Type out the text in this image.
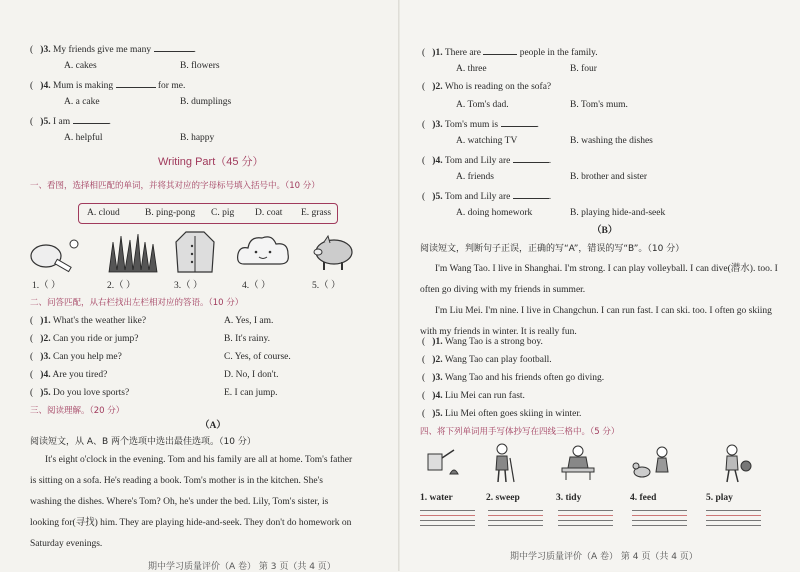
(   )3. My friends give me many	.
A. cakes	B. flowers
(   )4. Mum is making	for me.
A. a cake	B. dumplings
(   )5. I am	.
A. helpful	B. happy
Writing Part（45 分）
一、看图，选择相匹配的单词，并将其对应的字母标号填入括号中。（10 分）
A. cloud	B. ping-pong C. pig D. coat E. grass
1.（ ）	2.（ ）	3.（ ）	4.（ ）	5.（ ）
二、问答匹配，从右栏找出左栏相对应的答语。（10 分）
(   )1. What's the weather like?	A. Yes, I am.
(   )2. Can you ride or jump?	B. It's rainy.
(   )3. Can you help me?	C. Yes, of course.
(   )4. Are you tired?	D. No, I don't.
(   )5. Do you love sports?	E. I can jump.
三、阅读理解。（20 分）
（A）
阅读短文，从 A、B 两个选项中选出最佳选项。（10 分）
It's eight o'clock in the evening. Tom and his family are all at home. Tom's father
is sitting on a sofa. He's reading a book. Tom's mother is in the kitchen. She's
washing the dishes. Where's Tom? Oh, he's under the bed. Lily, Tom's sister, is
looking for(寻找) him. They are playing hide-and-seek. They don't do homework on
Saturday evenings.
期中学习质量评价（A 卷） 第 3 页（共 4 页）
(   )1. There are	people in the family.
A. three	B. four
(   )2. Who is reading on the sofa?
A. Tom's dad.	B. Tom's mum.
(   )3. Tom's mum is	.
A. watching TV	B. washing the dishes
(   )4. Tom and Lily are	.
A. friends	B. brother and sister
(   )5. Tom and Lily are	.
A. doing homework	B. playing hide-and-seek
（B）
阅读短文，判断句子正误，正确的写“A”，错误的写“B”。（10 分）
I'm Wang Tao. I live in Shanghai. I'm strong. I can play volleyball. I can dive(潜水). too. I often go diving with my friends in summer.
I'm Liu Mei. I'm nine. I live in Changchun. I can run fast. I can ski. too. I often go skiing with my friends in winter. It is really fun.
(   )1. Wang Tao is a strong boy.
(   )2. Wang Tao can play football.
(   )3. Wang Tao and his friends often go diving.
(   )4. Liu Mei can run fast.
(   )5. Liu Mei often goes skiing in winter.
四、将下列单词用手写体抄写在四线三格中。（5 分）
1. water	2. sweep	3. tidy	4. feed	5. play
期中学习质量评价（A 卷） 第 4 页（共 4 页）
